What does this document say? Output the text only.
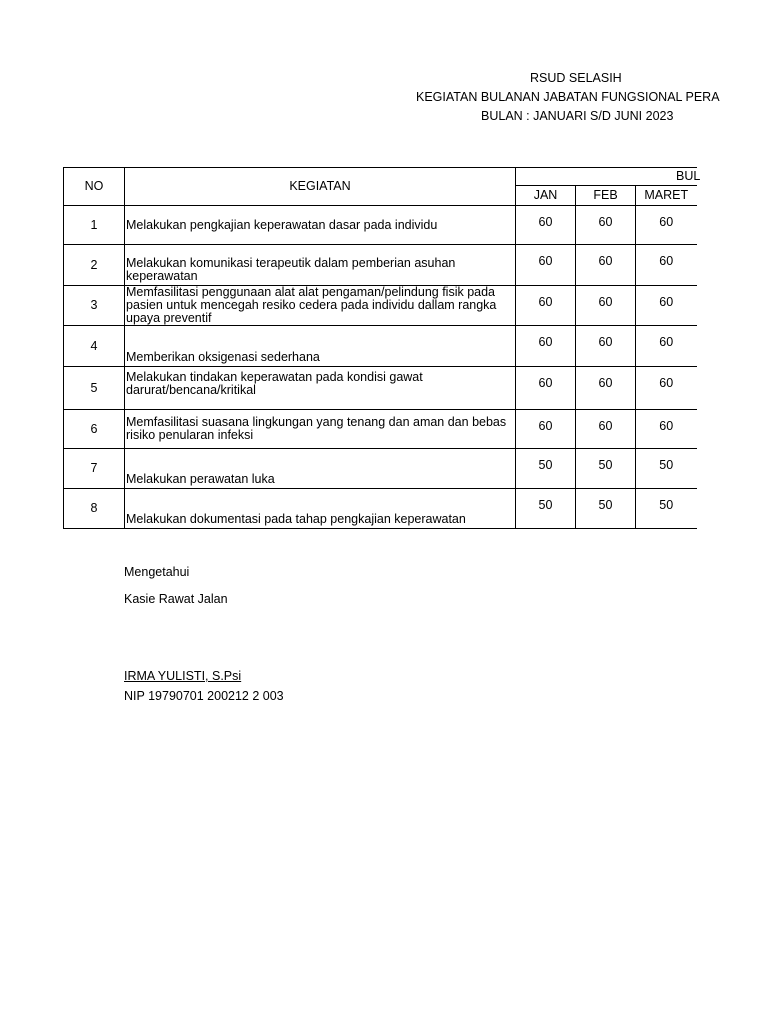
RSUD SELASIH
KEGIATAN BULANAN JABATAN FUNGSIONAL PERA
BULAN : JANUARI S/D JUNI 2023
NO	KEGIATAN	BUL		
		JAN	FEB	MARET
1	Melakukan pengkajian keperawatan dasar pada individu	60	60	60
2	Melakukan komunikasi terapeutik dalam pemberian asuhan keperawatan	60	60	60
3	Memfasilitasi penggunaan alat alat pengaman/pelindung fisik pada pasien untuk mencegah resiko cedera pada individu dallam rangka upaya preventif	60	60	60
4	Memberikan oksigenasi sederhana	60	60	60
5	Melakukan tindakan keperawatan pada kondisi gawat darurat/bencana/kritikal	60	60	60
6	Memfasilitasi suasana lingkungan yang tenang dan aman dan bebas risiko penularan infeksi	60	60	60
7	Melakukan perawatan luka	50	50	50
8	Melakukan dokumentasi pada tahap pengkajian keperawatan	50	50	50
Mengetahui
Kasie Rawat Jalan
IRMA YULISTI, S.Psi
NIP 19790701 200212 2 003
